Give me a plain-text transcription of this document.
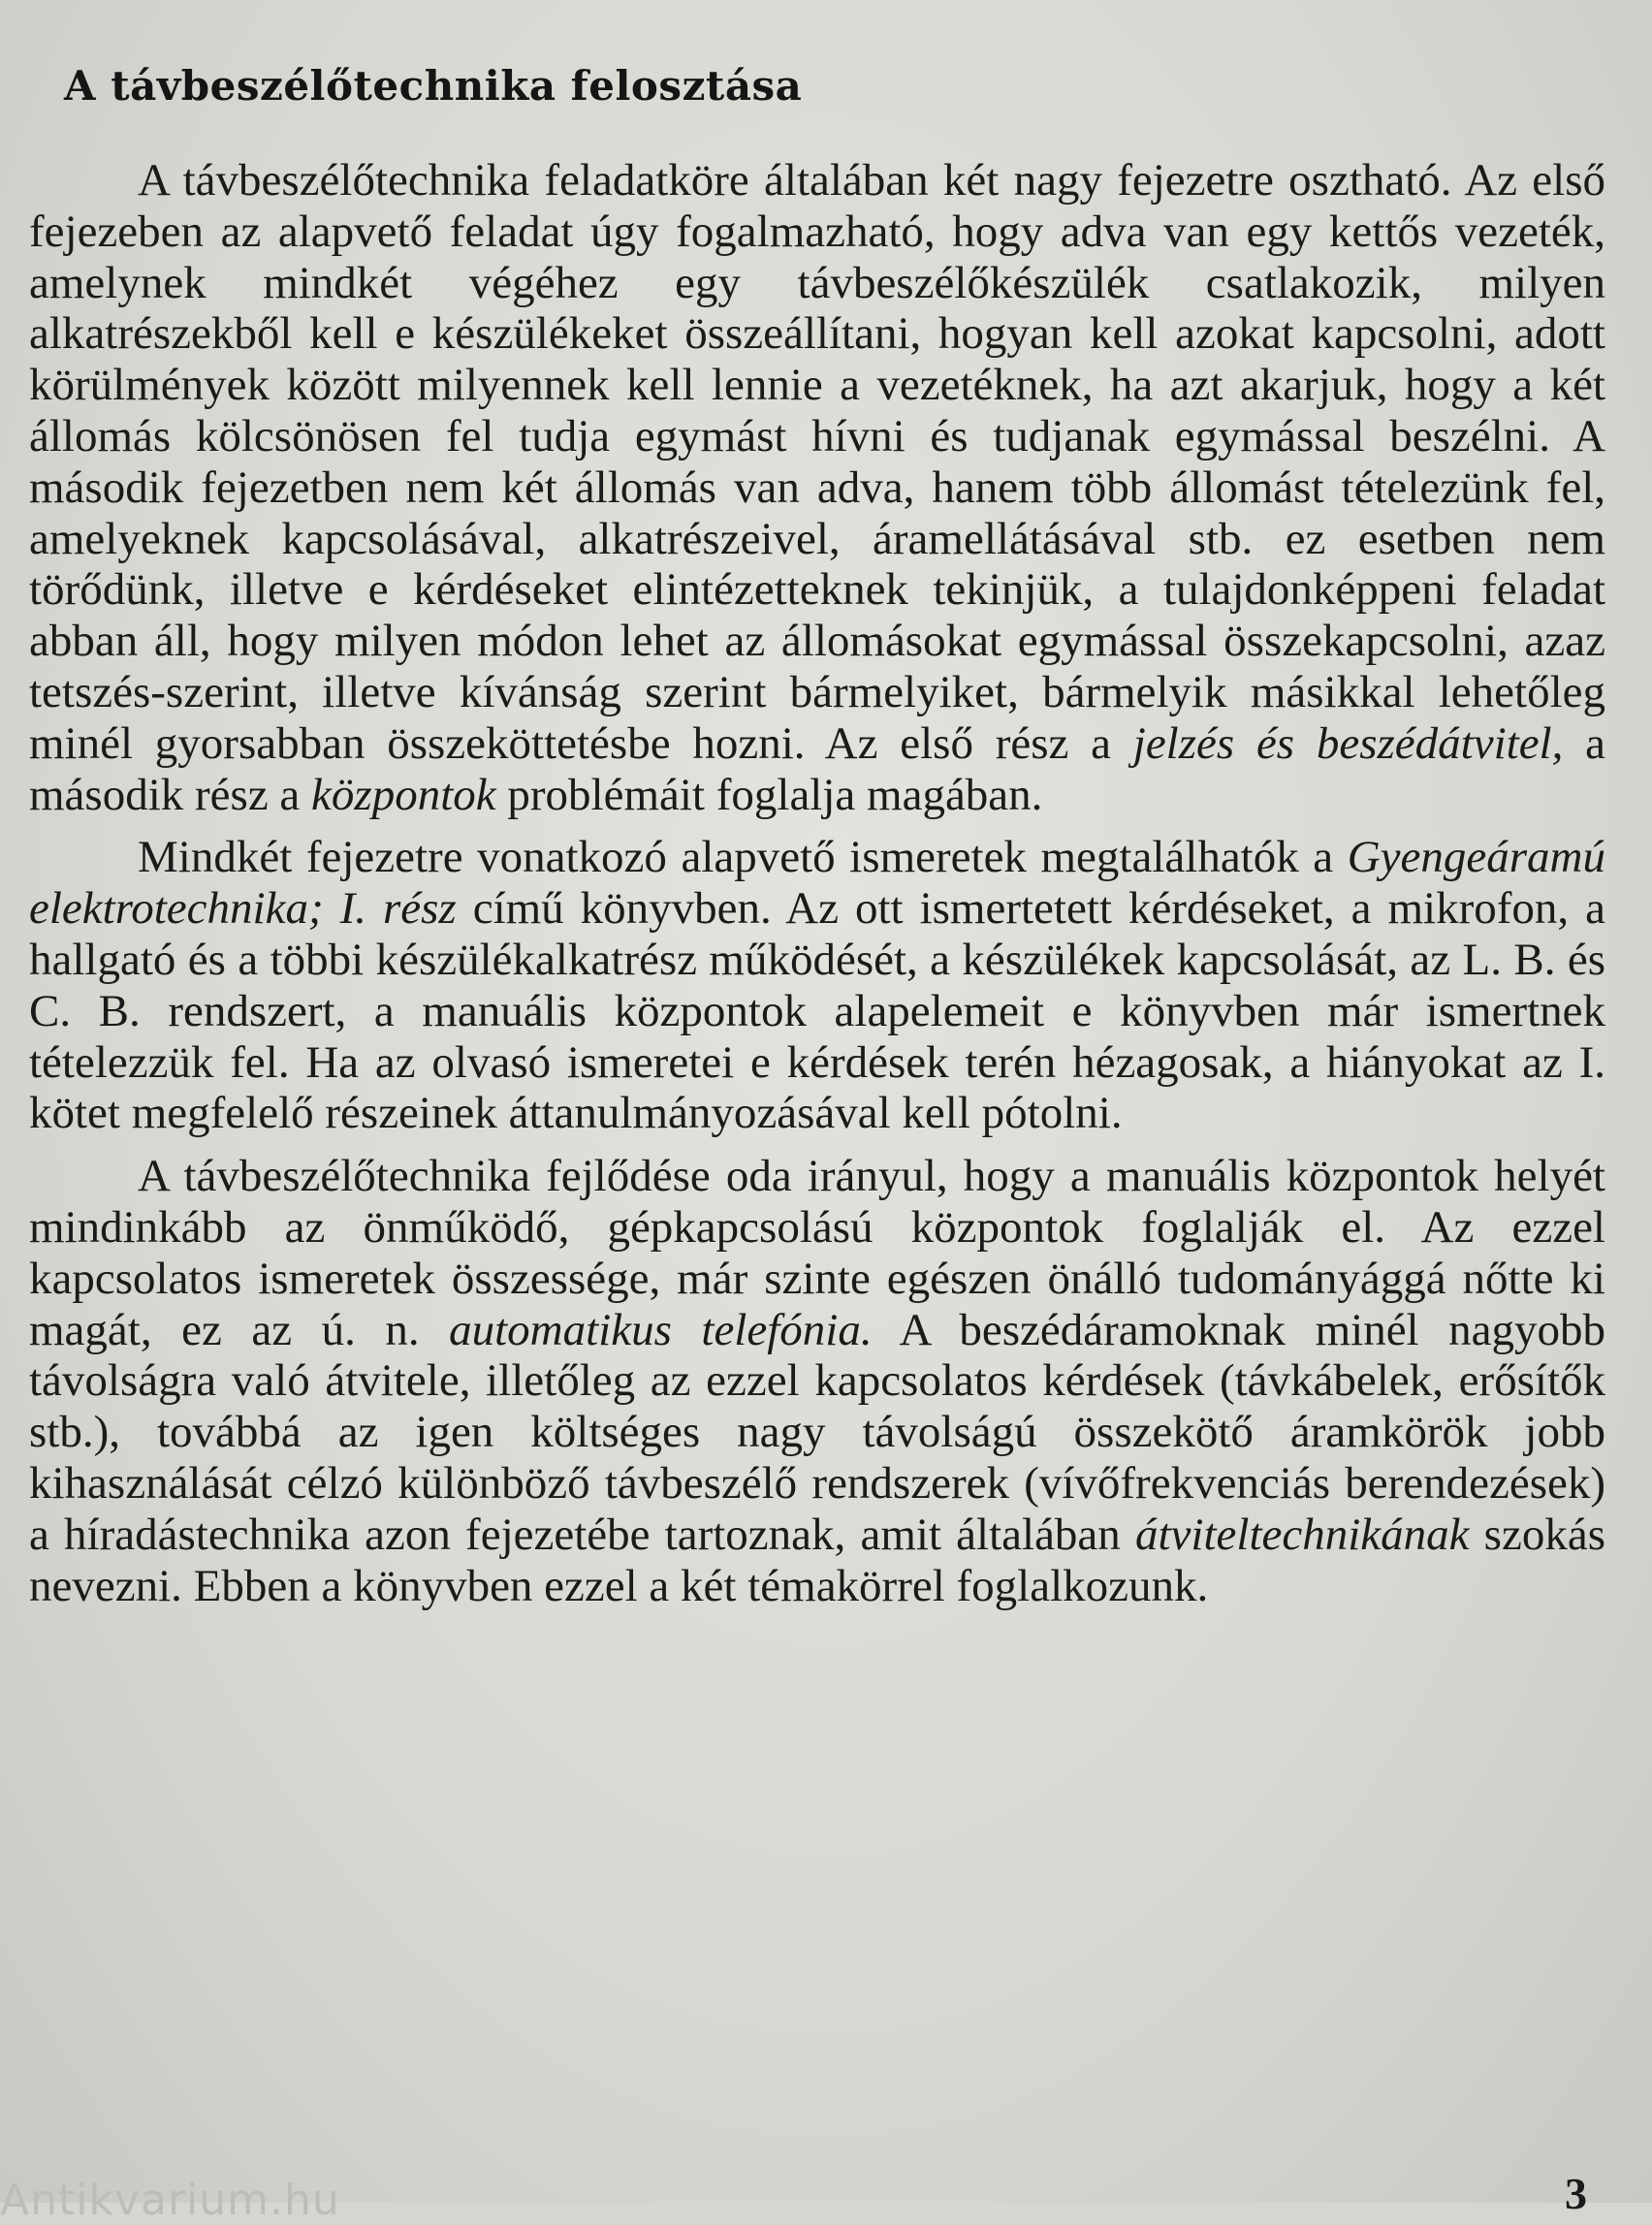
A távbeszélőtechnika felosztása

A távbeszélőtechnika feladatköre általában két nagy fejezetre osztható. Az első fejezeben az alapvető feladat úgy fogalmazható, hogy adva van egy kettős vezeték, amelynek mindkét végéhez egy távbeszélőkészülék csatlakozik, milyen alkatrészekből kell e készülékeket összeállítani, hogyan kell azokat kapcsolni, adott körülmények között milyennek kell lennie a vezetéknek, ha azt akarjuk, hogy a két állomás kölcsönösen fel tudja egymást hívni és tudjanak egymással beszélni. A második fejezetben nem két állomás van adva, hanem több állomást tételezünk fel, amelyeknek kapcsolásával, alkatrészeivel, áramellátásával stb. ez esetben nem törődünk, illetve e kérdéseket elintézetteknek tekinjük, a tulajdonképpeni feladat abban áll, hogy milyen módon lehet az állomásokat egymással összekapcsolni, azaz tetszés-szerint, illetve kívánság szerint bármelyiket, bármelyik másikkal lehetőleg minél gyorsabban összeköttetésbe hozni. Az első rész a jelzés és beszédátvitel, a második rész a központok problémáit foglalja magában.

Mindkét fejezetre vonatkozó alapvető ismeretek megtalálhatók a Gyengeáramú elektrotechnika; I. rész című könyvben. Az ott ismertetett kérdéseket, a mikrofon, a hallgató és a többi készülékalkatrész működését, a készülékek kapcsolását, az L. B. és C. B. rendszert, a manuális központok alapelemeit e könyvben már ismertnek tételezzük fel. Ha az olvasó ismeretei e kérdések terén hézagosak, a hiányokat az I. kötet megfelelő részeinek áttanulmányozásával kell pótolni.

A távbeszélőtechnika fejlődése oda irányul, hogy a manuális központok helyét mindinkább az önműködő, gépkapcsolású központok foglalják el. Az ezzel kapcsolatos ismeretek összessége, már szinte egészen önálló tudományággá nőtte ki magát, ez az ú. n. automatikus telefónia. A beszédáramoknak minél nagyobb távolságra való átvitele, illetőleg az ezzel kapcsolatos kérdések (távkábelek, erősítők stb.), továbbá az igen költséges nagy távolságú összekötő áramkörök jobb kihasználását célzó különböző távbeszélő rendszerek (vívőfrekvenciás berendezések) a híradástechnika azon fejezetébe tartoznak, amit általában átviteltechnikának szokás nevezni. Ebben a könyvben ezzel a két témakörrel foglalkozunk.

Antikvarium.hu	3
